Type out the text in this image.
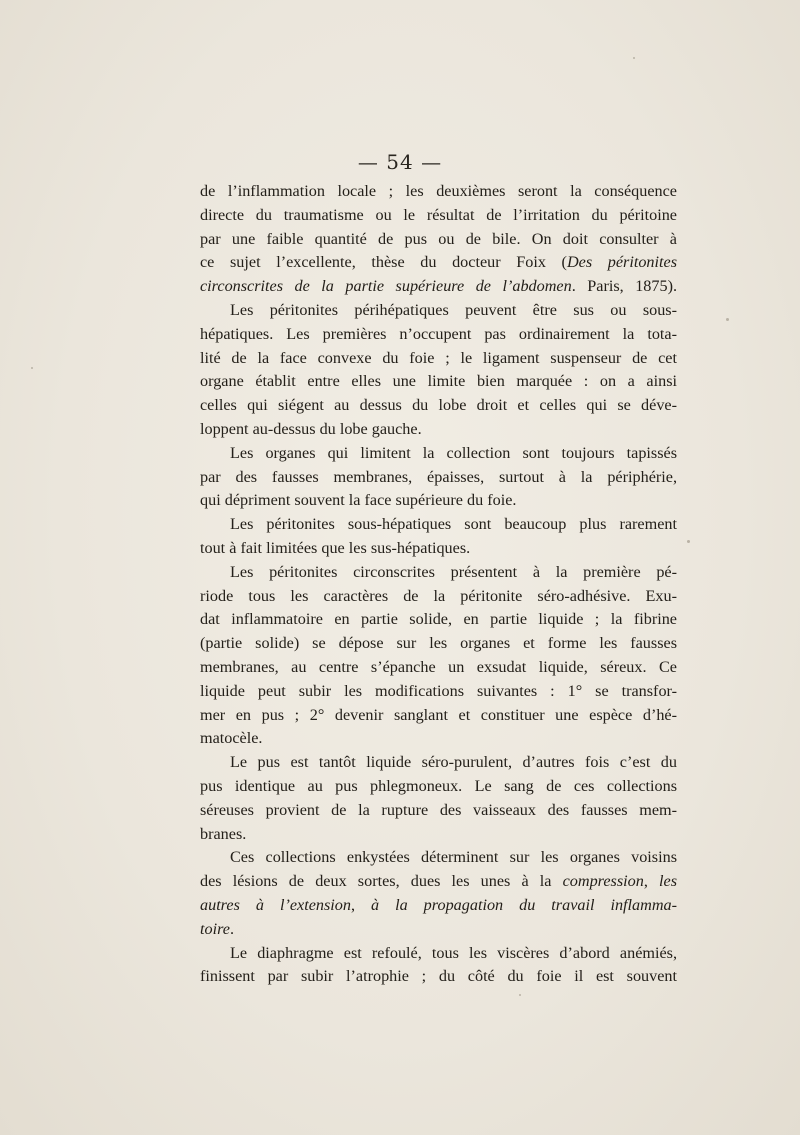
— 54 —
de l’inflammation locale ; les deuxièmes seront la conséquence
directe du traumatisme ou le résultat de l’irritation du péritoine
par une faible quantité de pus ou de bile. On doit consulter à
ce sujet l’excellente, thèse du docteur Foix (Des péritonites
circonscrites de la partie supérieure de l’abdomen. Paris, 1875).
Les péritonites périhépatiques peuvent être sus ou sous-
hépatiques. Les premières n’occupent pas ordinairement la tota-
lité de la face convexe du foie ; le ligament suspenseur de cet
organe établit entre elles une limite bien marquée : on a ainsi
celles qui siégent au dessus du lobe droit et celles qui se déve-
loppent au-dessus du lobe gauche.
Les organes qui limitent la collection sont toujours tapissés
par des fausses membranes, épaisses, surtout à la périphérie,
qui dépriment souvent la face supérieure du foie.
Les péritonites sous-hépatiques sont beaucoup plus rarement
tout à fait limitées que les sus-hépatiques.
Les péritonites circonscrites présentent à la première pé-
riode tous les caractères de la péritonite séro-adhésive. Exu-
dat inflammatoire en partie solide, en partie liquide ; la fibrine
(partie solide) se dépose sur les organes et forme les fausses
membranes, au centre s’épanche un exsudat liquide, séreux. Ce
liquide peut subir les modifications suivantes : 1° se transfor-
mer en pus ; 2° devenir sanglant et constituer une espèce d’hé-
matocèle.
Le pus est tantôt liquide séro-purulent, d’autres fois c’est du
pus identique au pus phlegmoneux. Le sang de ces collections
séreuses provient de la rupture des vaisseaux des fausses mem-
branes.
Ces collections enkystées déterminent sur les organes voisins
des lésions de deux sortes, dues les unes à la compression, les
autres à l’extension, à la propagation du travail inflamma-
toire.
Le diaphragme est refoulé, tous les viscères d’abord anémiés,
finissent par subir l’atrophie ; du côté du foie il est souvent
